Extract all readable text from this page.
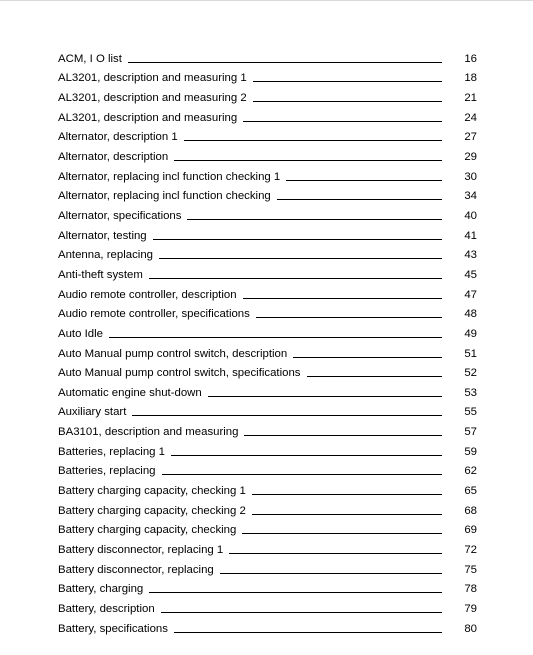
ACM, I O list	16
AL3201, description and measuring 1	18
AL3201, description and measuring 2	21
AL3201, description and measuring	24
Alternator, description 1	27
Alternator, description	29
Alternator, replacing incl function checking 1	30
Alternator, replacing incl function checking	34
Alternator, specifications	40
Alternator, testing	41
Antenna, replacing	43
Anti-theft system	45
Audio remote controller, description	47
Audio remote controller, specifications	48
Auto Idle	49
Auto Manual pump control switch, description	51
Auto Manual pump control switch, specifications	52
Automatic engine shut-down	53
Auxiliary start	55
BA3101, description and measuring	57
Batteries, replacing 1	59
Batteries, replacing	62
Battery charging capacity, checking 1	65
Battery charging capacity, checking 2	68
Battery charging capacity, checking	69
Battery disconnector, replacing 1	72
Battery disconnector, replacing	75
Battery, charging	78
Battery, description	79
Battery, specifications	80
